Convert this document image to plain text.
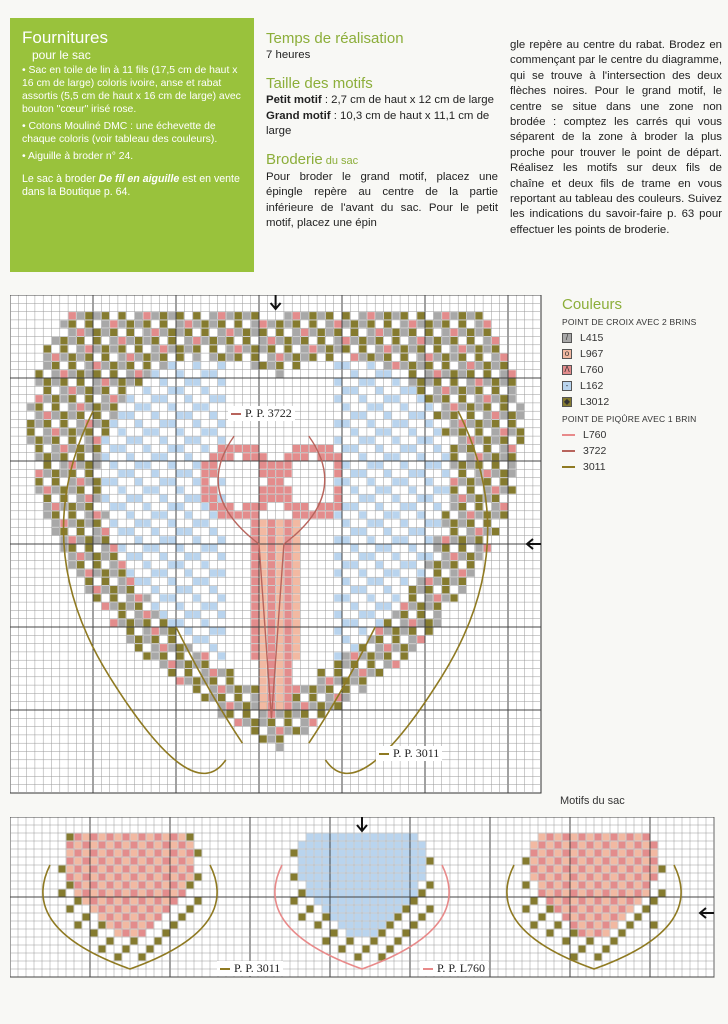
Fournitures
pour le sac

• Sac en toile de lin à 11 fils (17,5 cm de haut x 16 cm de large) coloris ivoire, anse et rabat assortis (5,5 cm de haut x 16 cm de large) avec bouton "cœur" irisé rose.

• Cotons Mouliné DMC : une échevette de chaque coloris (voir tableau des couleurs).

• Aiguille à broder n° 24.

Le sac à broder De fil en aiguille est en vente dans la Boutique p. 64.
Temps de réalisation

7 heures

Taille des motifs

Petit motif : 2,7 cm de haut x 12 cm de large

Grand motif : 10,3 cm de haut x 11,1 cm de large

Broderie du sac

Pour broder le grand motif, placez une épingle repère au centre de la partie inférieure de l'avant du sac. Pour le petit motif, placez une épin

gle repère au centre du rabat. Brodez en commençant par le centre du diagramme, qui se trouve à l'intersection des deux flèches noires. Pour le grand motif, le centre se situe dans une zone non brodée : comptez les carrés qui vous séparent de la zone à broder la plus proche pour trouver le point de départ. Réalisez les motifs sur deux fils de chaîne et deux fils de trame en vous reportant au tableau des couleurs. Suivez les indications du savoir-faire p. 63 pour effectuer les points de broderie.

Couleurs
POINT DE CROIX AVEC 2 BRINS
/	L415
o L967
Λ L760
-	L162
◆ L3012
POINT DE PIQÛRE AVEC 1 BRIN
L760
3722
3011
P. P. 3722
P. P. 3011
Motifs du sac
P. P. 3011	P. P. L760
